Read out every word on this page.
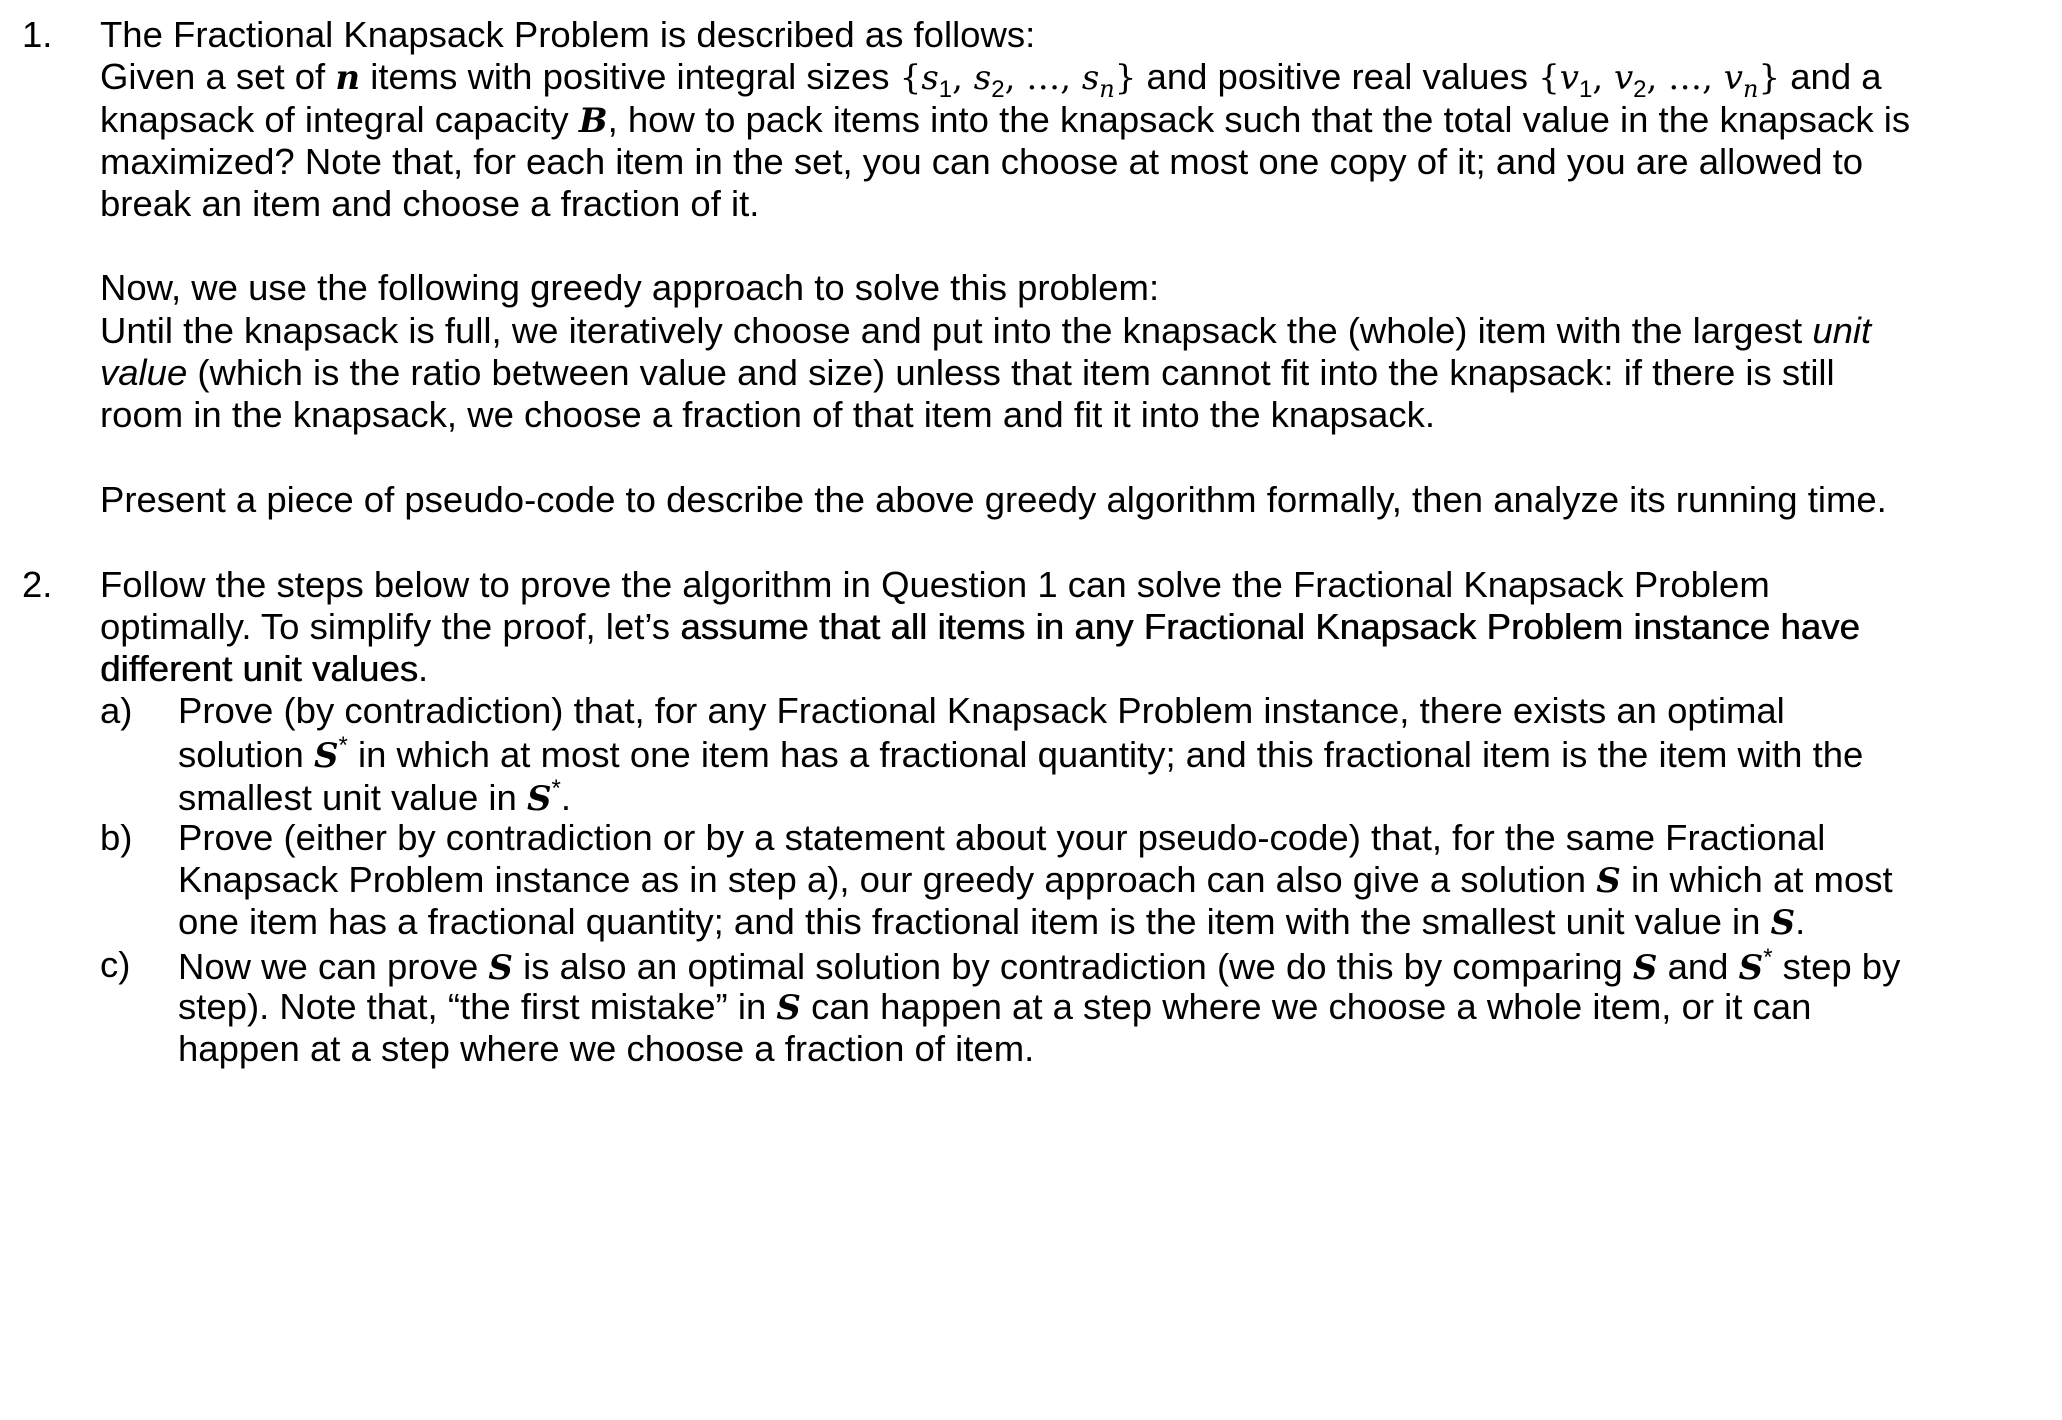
1. The Fractional Knapsack Problem is described as follows:
Given a set of n items with positive integral sizes {$s_1$, $s_2$, …, $s_n$} and positive real values {$v_1$, $v_2$, …, $v_n$} and a
knapsack of integral capacity B, how to pack items into the knapsack such that the total value in the knapsack is
maximized? Note that, for each item in the set, you can choose at most one copy of it; and you are allowed to
break an item and choose a fraction of it.
Now, we use the following greedy approach to solve this problem:
Until the knapsack is full, we iteratively choose and put into the knapsack the (whole) item with the largest unit
value (which is the ratio between value and size) unless that item cannot fit into the knapsack: if there is still
room in the knapsack, we choose a fraction of that item and fit it into the knapsack.
Present a piece of pseudo-code to describe the above greedy algorithm formally, then analyze its running time.
2. Follow the steps below to prove the algorithm in Question 1 can solve the Fractional Knapsack Problem
optimally. To simplify the proof, let’s assume that all items in any Fractional Knapsack Problem instance have
different unit values.
a) Prove (by contradiction) that, for any Fractional Knapsack Problem instance, there exists an optimal
solution S* in which at most one item has a fractional quantity; and this fractional item is the item with the
smallest unit value in S*.
b) Prove (either by contradiction or by a statement about your pseudo-code) that, for the same Fractional
Knapsack Problem instance as in step a), our greedy approach can also give a solution S in which at most
one item has a fractional quantity; and this fractional item is the item with the smallest unit value in S.
c) Now we can prove S is also an optimal solution by contradiction (we do this by comparing S and S* step by
step). Note that, “the first mistake” in S can happen at a step where we choose a whole item, or it can
happen at a step where we choose a fraction of item.
